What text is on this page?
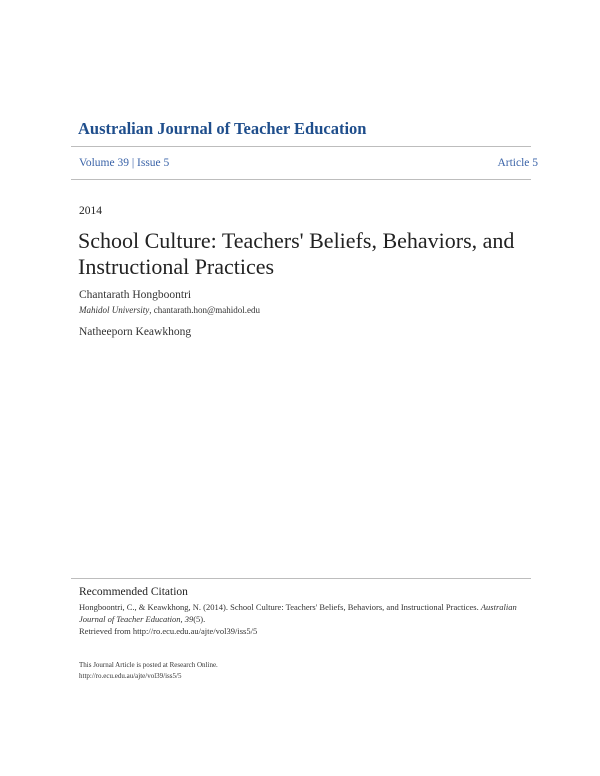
Australian Journal of Teacher Education
Volume 39 | Issue 5	Article 5
2014
School Culture: Teachers' Beliefs, Behaviors, and Instructional Practices
Chantarath Hongboontri
Mahidol University, chantarath.hon@mahidol.edu
Natheeporn Keawkhong
Recommended Citation
Hongboontri, C., & Keawkhong, N. (2014). School Culture: Teachers' Beliefs, Behaviors, and Instructional Practices. Australian Journal of Teacher Education, 39(5).
Retrieved from http://ro.ecu.edu.au/ajte/vol39/iss5/5
This Journal Article is posted at Research Online.
http://ro.ecu.edu.au/ajte/vol39/iss5/5
